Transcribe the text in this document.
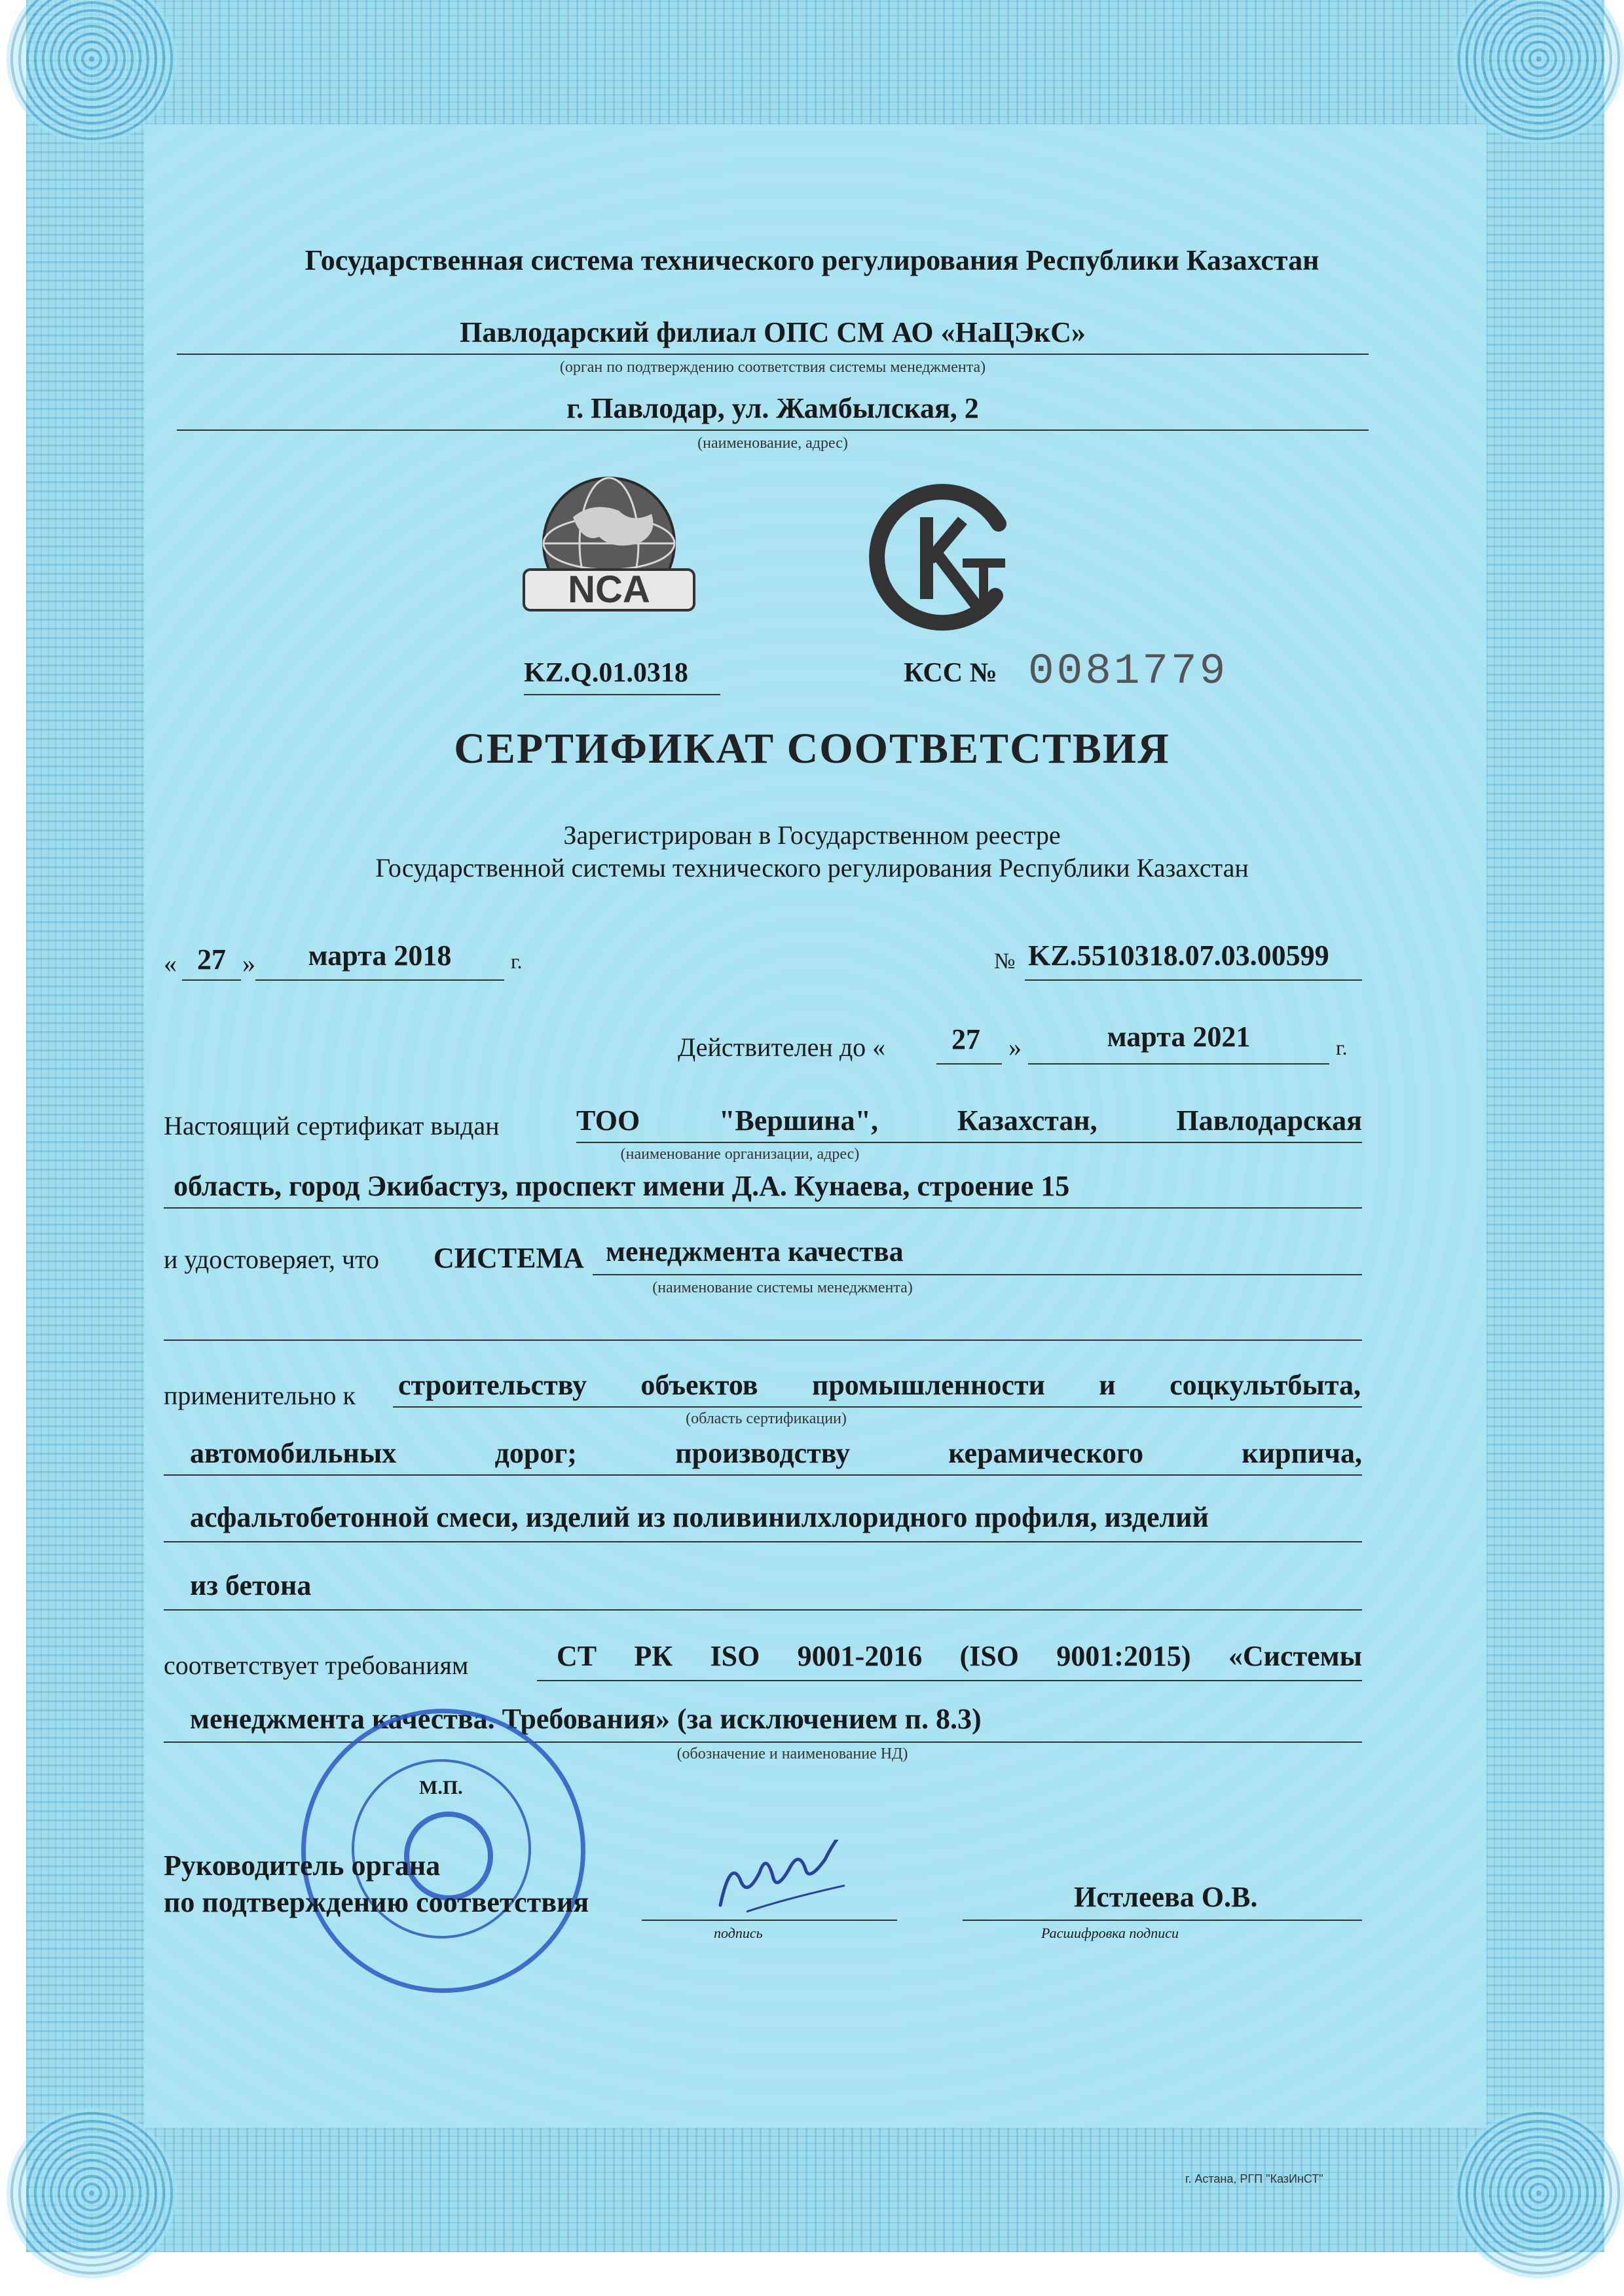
Государственная система технического регулирования Республики Казахстан
Павлодарский филиал ОПС СМ АО «НаЦЭкС»
(орган по подтверждению соответствия системы менеджмента)
г. Павлодар, ул. Жамбылская, 2
(наименование, адрес)
NCA
KZ.Q.01.0318	КСС № 0081779
СЕРТИФИКАТ СООТВЕТСТВИЯ
Зарегистрирован в Государственном реестре
Государственной системы технического регулирования Республики Казахстан
« 27 »	марта 2018	г.	№ KZ.5510318.07.03.00599
Действителен до «	27	»	марта 2021	г.
Настоящий сертификат выдан	ТОО	"Вершина",	Казахстан,	Павлодарская
(наименование организации, адрес)
область, город Экибастуз, проспект имени Д.А. Кунаева, строение 15
и удостоверяет, что СИСТЕМА менеджмента качества
(наименование системы менеджмента)
применительно к строительству объектов промышленности и соцкультбыта,
(область сертификации)
автомобильных	дорог;	производству	керамического	кирпича,
асфальтобетонной смеси, изделий из поливинилхлоридного профиля, изделий
из бетона
соответствует требованиям	СТ РК ISO 9001-2016 (ISO 9001:2015) «Системы
менеджмента качества. Требования» (за исключением п. 8.3)
(обозначение и наименование НД)
М.П.
Руководитель органа
по подтверждению соответствия
подпись
Истлеева О.В.
Расшифровка подписи
г. Астана, РГП "КазИнСТ"
